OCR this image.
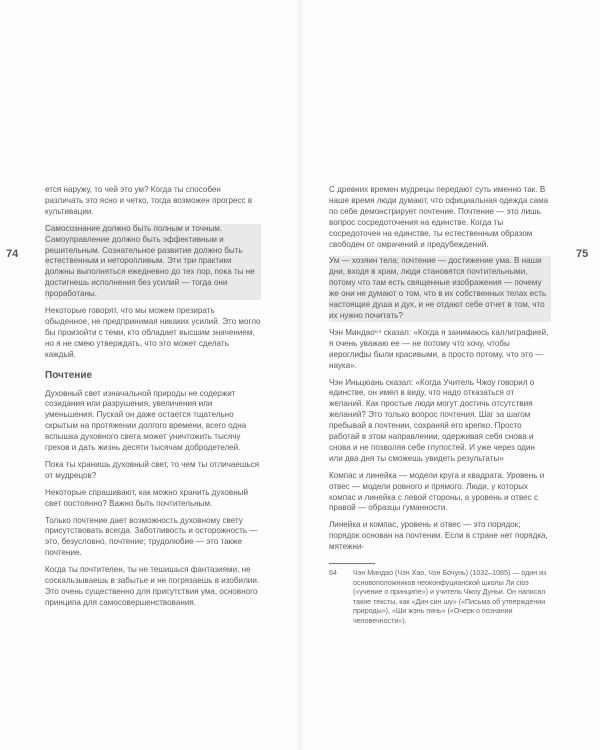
74

ется наружу, то чей это ум? Когда ты способен различать это ясно и четко, тогда возможен прогресс в культивации.

Самосознание должно быть полным и точным. Самоуправление должно быть эффективным и решительным. Сознательное развитие должно быть естественным и неторопливым. Эти три практики должны выполняться ежедневно до тех пор, пока ты не достигнешь исполнения без усилий — тогда они проработаны.

Некоторые говорят, что мы можем презирать обыденное, не предпринимая никаких усилий. Это могло бы произойти с теми, кто обладает высшим значением, но я не смею утверждать, что это может сделать каждый.

Почтение

Духовный свет изначальной природы не содержит созидания или разрушения, увеличения или уменьшения. Пускай он даже остается тщательно скрытым на протяжении долгого времени, всего одна вспышка духовного света может уничтожить тысячу грехов и дать жизнь десяти тысячам добродетелей.

Пока ты хранишь духовный свет, то чем ты отличаешься от мудрецов?

Некоторые спрашивают, как можно хранить духовный свет постоянно? Важно быть почтительным.

Только почтение дает возможность духовному свету присутствовать всегда. Заботливость и осторожность — это, безусловно, почтение; трудолюбие — это также почтение.

Когда ты почтителен, ты не тешишься фантазиями, не соскальзываешь в забытье и не погрязаешь в изобилии. Это очень существенно для присутствия ума, основного принципа для самосовершенствования.

75

С древних времен мудрецы передают суть именно так. В наше время люди думают, что официальная одежда сама по себе демонстрирует почтение. Почтение — это лишь вопрос сосредоточения на единстве. Когда ты сосредоточен на единстве, ты естественным образом свободен от омрачений и предубеждений.

Ум — хозяин тела; почтение — достижение ума. В наши дни, входя в храм, люди становятся почтительными, потому что там есть священные изображения — почему же они не думают о том, что в их собственных телах есть настоящие душа и дух, и не отдают себе отчет в том, что их нужно почитать?

Чэн Миндао⁶⁴ сказал: «Когда я занимаюсь каллиграфией, я очень уважаю ее — не потому что хочу, чтобы иероглифы были красивыми, а просто потому, что это — наука».

Чэн Иньцюань сказал: «Когда Учитель Чжоу говорил о единстве, он имел в виду, что надо отказаться от желаний. Как простые люди могут достичь отсутствия желаний? Это только вопрос почтения. Шаг за шагом пребывай в почтении, сохраняй его крепко. Просто работай в этом направлении, одерживая себя снова и снова и не позволяя себе глупостей. И уже через один или два дня ты сможешь увидеть результаты»

Компас и линейка — модели круга и квадрата. Уровень и отвес — модели ровного и прямого. Люди, у которых компас и линейка с левой стороны, а уровень и отвес с правой — образцы гуманности.

Линейка и компас, уровень и отвес — это порядок; порядок основан на почтении. Если в стране нет порядка, мятежни-

64	Чэн Миндао (Чэн Хао, Чэн Бочунь) (1032–1085) — один из основоположников неоконфуцианской школы Ли сюэ («учение о принципе») и учитель Чжоу Дуньи. Он написал такие тексты, как «Дин син шу» («Письма об утверждении природы»), «Ши жэнь пянь» («Очерк о познании человечности»).
